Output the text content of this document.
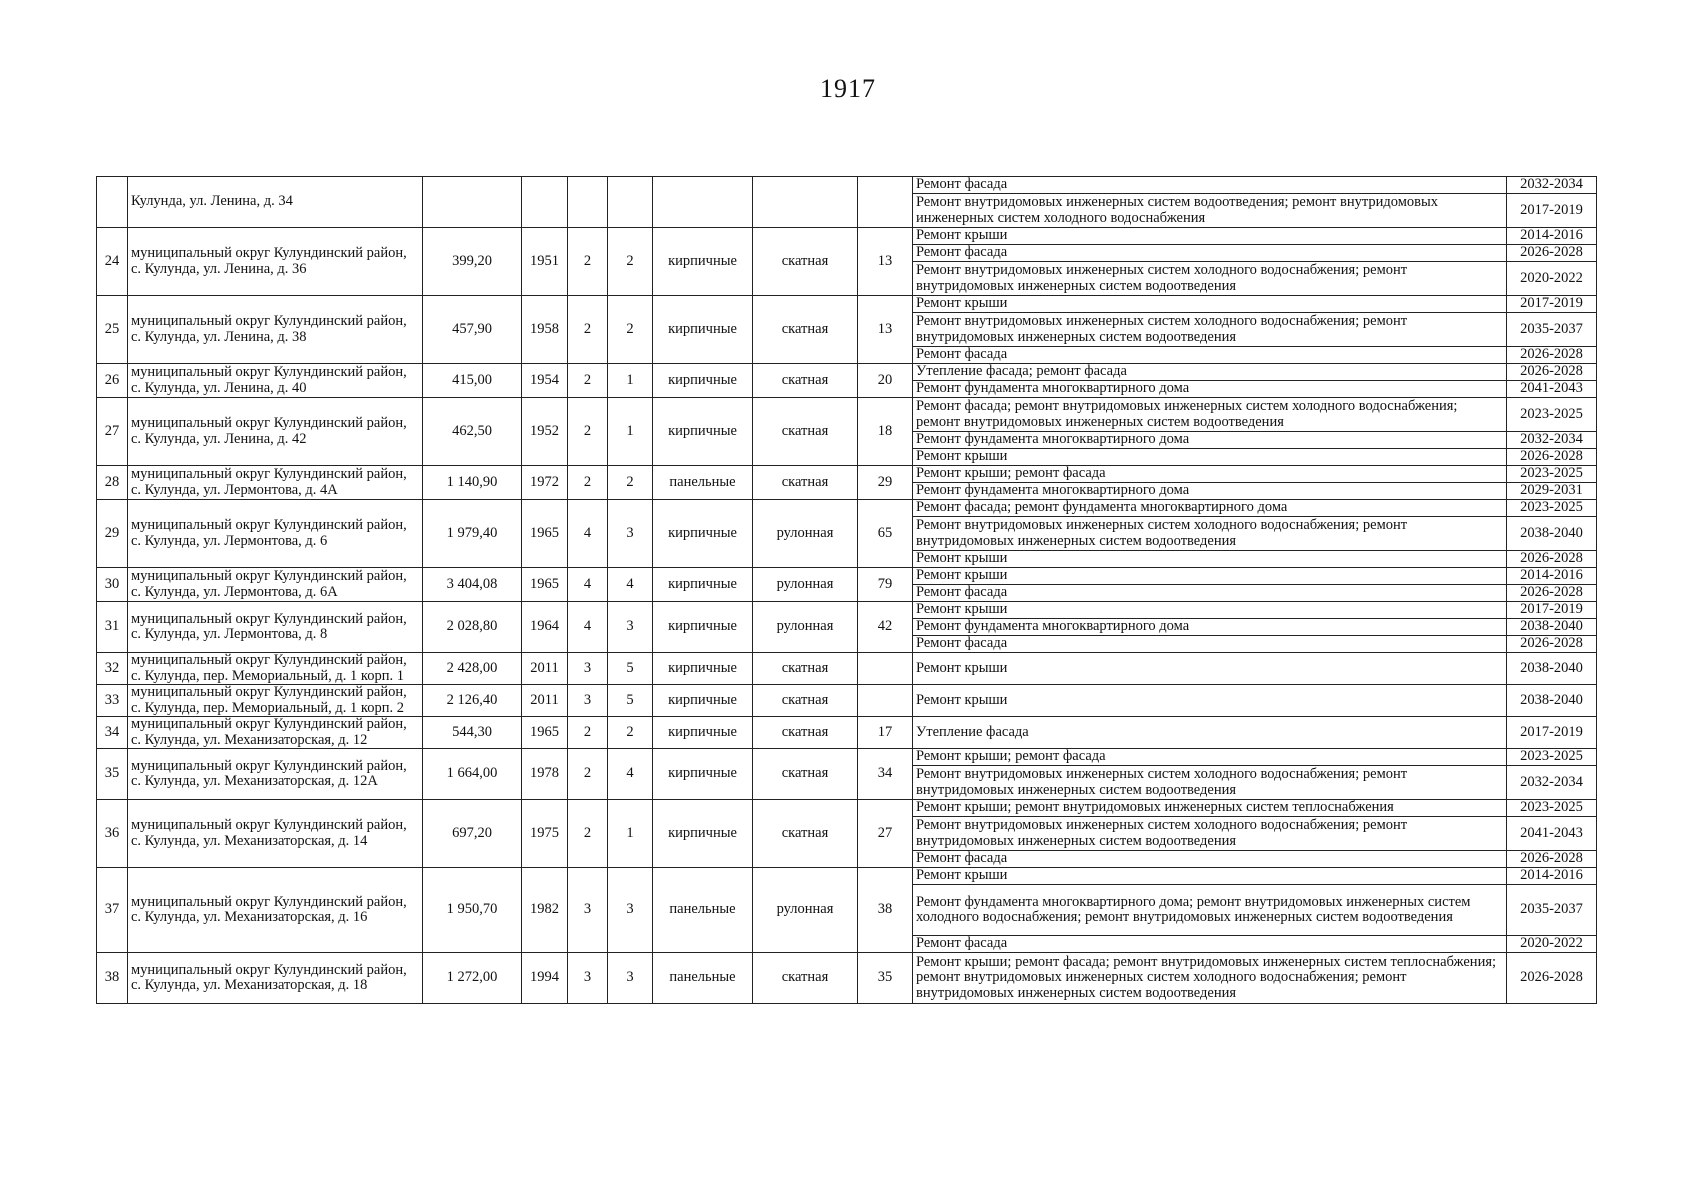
1917
	Кулунда, ул. Ленина, д. 34								Ремонт фасада	2032-2034
									Ремонт внутридомовых инженерных систем водоотведения; ремонт внутридомовых инженерных систем холодного водоснабжения	2017-2019
24	муниципальный округ Кулундинский район, с. Кулунда, ул. Ленина, д. 36	399,20	1951	2	2	кирпичные	скатная	13	Ремонт крыши	2014-2016
									Ремонт фасада	2026-2028
									Ремонт внутридомовых инженерных систем холодного водоснабжения; ремонт внутридомовых инженерных систем водоотведения	2020-2022
25	муниципальный округ Кулундинский район, с. Кулунда, ул. Ленина, д. 38	457,90	1958	2	2	кирпичные	скатная	13	Ремонт крыши	2017-2019
									Ремонт внутридомовых инженерных систем холодного водоснабжения; ремонт внутридомовых инженерных систем водоотведения	2035-2037
									Ремонт фасада	2026-2028
26	муниципальный округ Кулундинский район, с. Кулунда, ул. Ленина, д. 40	415,00	1954	2	1	кирпичные	скатная	20	Утепление фасада; ремонт фасада	2026-2028
									Ремонт фундамента многоквартирного дома	2041-2043
27	муниципальный округ Кулундинский район, с. Кулунда, ул. Ленина, д. 42	462,50	1952	2	1	кирпичные	скатная	18	Ремонт фасада; ремонт внутридомовых инженерных систем холодного водоснабжения; ремонт внутридомовых инженерных систем водоотведения	2023-2025
									Ремонт фундамента многоквартирного дома	2032-2034
									Ремонт крыши	2026-2028
28	муниципальный округ Кулундинский район, с. Кулунда, ул. Лермонтова, д. 4А	1 140,90	1972	2	2	панельные	скатная	29	Ремонт крыши; ремонт фасада	2023-2025
									Ремонт фундамента многоквартирного дома	2029-2031
29	муниципальный округ Кулундинский район, с. Кулунда, ул. Лермонтова, д. 6	1 979,40	1965	4	3	кирпичные	рулонная	65	Ремонт фасада; ремонт фундамента многоквартирного дома	2023-2025
									Ремонт внутридомовых инженерных систем холодного водоснабжения; ремонт внутридомовых инженерных систем водоотведения	2038-2040
									Ремонт крыши	2026-2028
30	муниципальный округ Кулундинский район, с. Кулунда, ул. Лермонтова, д. 6А	3 404,08	1965	4	4	кирпичные	рулонная	79	Ремонт крыши	2014-2016
									Ремонт фасада	2026-2028
31	муниципальный округ Кулундинский район, с. Кулунда, ул. Лермонтова, д. 8	2 028,80	1964	4	3	кирпичные	рулонная	42	Ремонт крыши	2017-2019
									Ремонт фундамента многоквартирного дома	2038-2040
									Ремонт фасада	2026-2028
32	муниципальный округ Кулундинский район, с. Кулунда, пер. Мемориальный, д. 1 корп. 1	2 428,00	2011	3	5	кирпичные	скатная		Ремонт крыши	2038-2040
33	муниципальный округ Кулундинский район, с. Кулунда, пер. Мемориальный, д. 1 корп. 2	2 126,40	2011	3	5	кирпичные	скатная		Ремонт крыши	2038-2040
34	муниципальный округ Кулундинский район, с. Кулунда, ул. Механизаторская, д. 12	544,30	1965	2	2	кирпичные	скатная	17	Утепление фасада	2017-2019
35	муниципальный округ Кулундинский район, с. Кулунда, ул. Механизаторская, д. 12А	1 664,00	1978	2	4	кирпичные	скатная	34	Ремонт крыши; ремонт фасада	2023-2025
									Ремонт внутридомовых инженерных систем холодного водоснабжения; ремонт внутридомовых инженерных систем водоотведения	2032-2034
36	муниципальный округ Кулундинский район, с. Кулунда, ул. Механизаторская, д. 14	697,20	1975	2	1	кирпичные	скатная	27	Ремонт крыши; ремонт внутридомовых инженерных систем теплоснабжения	2023-2025
									Ремонт внутридомовых инженерных систем холодного водоснабжения; ремонт внутридомовых инженерных систем водоотведения	2041-2043
									Ремонт фасада	2026-2028
37	муниципальный округ Кулундинский район, с. Кулунда, ул. Механизаторская, д. 16	1 950,70	1982	3	3	панельные	рулонная	38	Ремонт крыши	2014-2016
									Ремонт фундамента многоквартирного дома; ремонт внутридомовых инженерных систем холодного водоснабжения; ремонт внутридомовых инженерных систем водоотведения	2035-2037
									Ремонт фасада	2020-2022
38	муниципальный округ Кулундинский район, с. Кулунда, ул. Механизаторская, д. 18	1 272,00	1994	3	3	панельные	скатная	35	Ремонт крыши; ремонт фасада; ремонт внутридомовых инженерных систем теплоснабжения; ремонт внутридомовых инженерных систем холодного водоснабжения; ремонт внутридомовых инженерных систем водоотведения	2026-2028
